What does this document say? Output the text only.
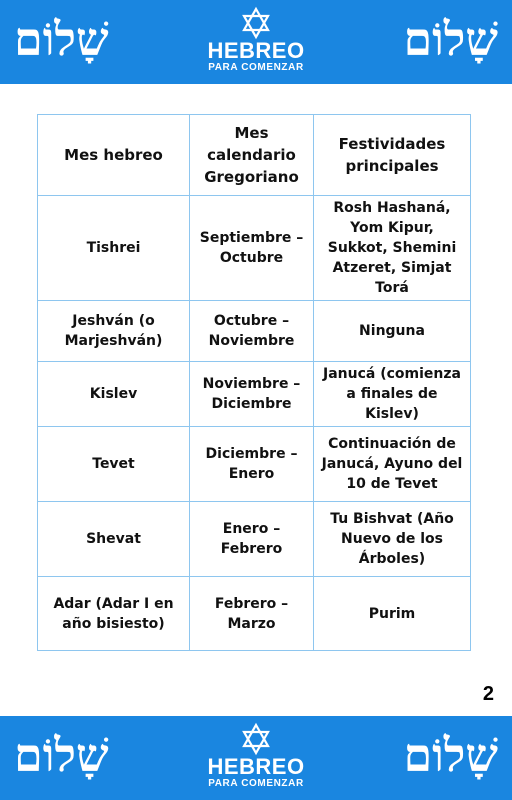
שָׁלוֹם	HEBREO
PARA COMENZAR
שָׁלוֹם
Mes hebreo	Mes calendario Gregoriano	Festividades principales
Tishrei	Septiembre – Octubre	Rosh Hashaná, Yom Kipur, Sukkot, Shemini Atzeret, Simjat Torá
Jeshván (o Marjeshván)	Octubre – Noviembre	Ninguna
Kislev	Noviembre – Diciembre	Janucá (comienza a finales de Kislev)
Tevet	Diciembre – Enero	Continuación de Janucá, Ayuno del 10 de Tevet
Shevat	Enero – Febrero	Tu Bishvat (Año Nuevo de los Árboles)
Adar (Adar I en año bisiesto)	Febrero – Marzo	Purim
2
שָׁלוֹם	HEBREO
PARA COMENZAR
שָׁלוֹם
